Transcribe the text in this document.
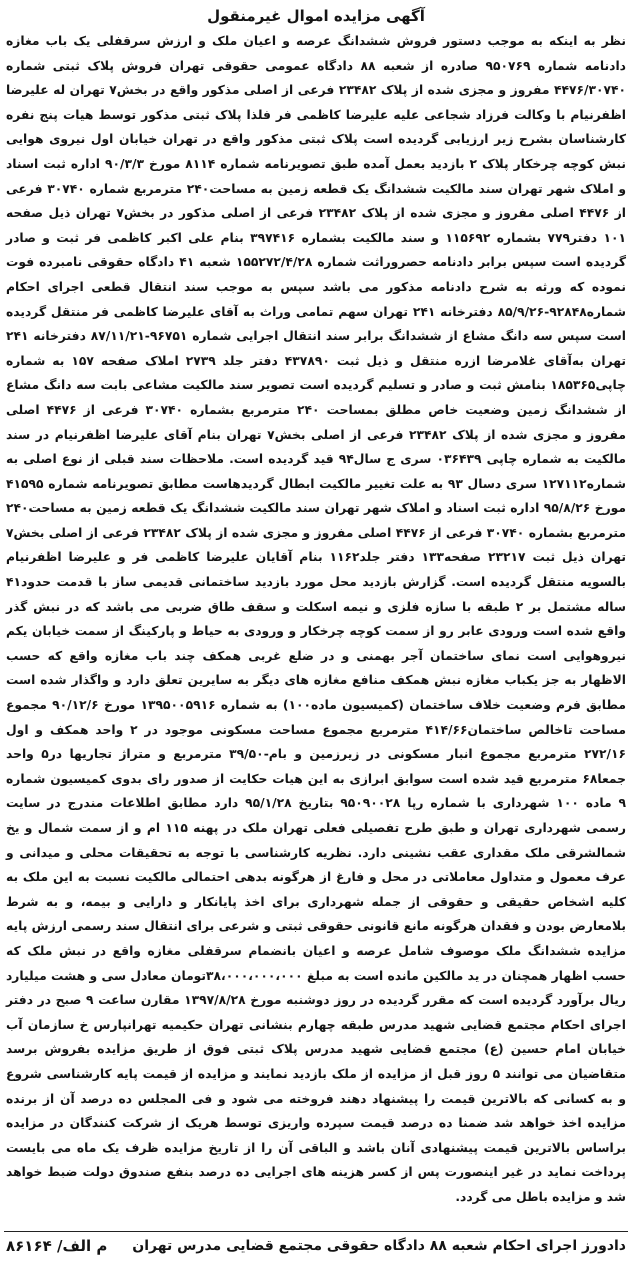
آگهی مزایده اموال غیرمنقول

نظر به اینکه به موجب دستور فروش ششدانگ عرصه و اعیان ملک و ارزش سرقفلی یک باب مغازه دادنامه شماره ۹۵۰۷۶۹ صادره از شعبه ۸۸ دادگاه عمومی حقوقی تهران فروش پلاک ثبتی شماره ۴۴۷۶/۳۰۷۴۰ مفروز و مجزی شده از پلاک ۲۳۴۸۲ فرعی از اصلی مذکور واقع در بخش۷ تهران له علیرضا اظفرنیام با وکالت فرزاد شجاعی علیه علیرضا کاظمی فر فلذا پلاک ثبتی مذکور توسط هیات پنج نفره کارشناسان بشرح زیر ارزیابی گردیده است پلاک ثبتی مذکور واقع در تهران خیابان اول نیروی هوایی نبش کوچه چرخکار پلاک ۲ بازدید بعمل آمده طبق تصویرنامه شماره ۸۱۱۴ مورخ ۹۰/۳/۳ اداره ثبت اسناد و املاک شهر تهران سند مالکیت ششدانگ یک قطعه زمین به مساحت۲۴۰ مترمربع شماره ۳۰۷۴۰ فرعی از ۴۴۷۶ اصلی مفروز و مجزی شده از پلاک ۲۳۴۸۲ فرعی از اصلی مذکور در بخش۷ تهران ذیل صفحه ۱۰۱ دفتر۷۷۹ بشماره ۱۱۵۶۹۲ و سند مالکیت بشماره ۳۹۷۴۱۶ بنام علی اکبر کاظمی فر ثبت و صادر گردیده است سپس برابر دادنامه حصروراثت شماره ۱۵۵۲۷۲/۴/۲۸ شعبه ۴۱ دادگاه حقوقی نامبرده فوت نموده که ورثه به شرح دادنامه مذکور می باشد سپس به موجب سند انتقال قطعی اجرای احکام شماره۹۲۸۴۸-۸۵/۹/۲۶ دفترخانه ۲۴۱ تهران سهم تمامی وراث به آقای علیرضا کاظمی فر منتقل گردیده است سپس سه دانگ مشاع از ششدانگ برابر سند انتقال اجرایی شماره ۹۶۷۵۱-۸۷/۱۱/۲۱ دفترخانه ۲۴۱ تهران به‌آقای غلامرضا ازره منتقل و ذیل ثبت ۴۳۷۸۹۰ دفتر جلد ۲۷۳۹ املاک صفحه ۱۵۷ به شماره چاپی۱۸۵۳۶۵ بنامش ثبت و صادر و تسلیم گردیده است تصویر سند مالکیت مشاعی بابت سه دانگ مشاع از ششدانگ زمین وضعیت خاص مطلق بمساحت ۲۴۰ مترمربع بشماره ۳۰۷۴۰ فرعی از ۴۴۷۶ اصلی مفروز و مجزی شده از پلاک ۲۳۴۸۲ فرعی از اصلی بخش۷ تهران بنام آقای علیرضا اظفرنیام در سند مالکیت به شماره چاپی ۰۳۶۴۳۹ سری ج سال۹۴ قید گردیده است. ملاحظات سند قبلی از نوع اصلی به شماره۱۲۷۱۱۲ سری دسال ۹۳ به علت تغییر مالکیت ابطال گردیدهاست مطابق تصویرنامه شماره ۴۱۵۹۵ مورخ ۹۵/۸/۲۶ اداره ثبت اسناد و املاک شهر تهران سند مالکیت ششدانگ یک قطعه زمین به مساحت۲۴۰ مترمربع بشماره ۳۰۷۴۰ فرعی از ۴۴۷۶ اصلی مفروز و مجزی شده از پلاک ۲۳۴۸۲ فرعی از اصلی بخش۷ تهران ذیل ثبت ۲۳۲۱۷ صفحه۱۳۳ دفتر جلد۱۱۶۲ بنام آقایان علیرضا کاظمی فر و علیرضا اظفرنیام بالسویه منتقل گردیده است. گزارش بازدید محل مورد بازدید ساختمانی قدیمی ساز با قدمت حدود۴۱ ساله مشتمل بر ۲ طبقه با سازه فلزی و نیمه اسکلت و سقف طاق ضربی می باشد که در نبش گذر واقع شده است ورودی عابر رو از سمت کوچه چرخکار و ورودی به حیاط و پارکینگ از سمت خیابان یکم نیروهوایی است نمای ساختمان آجر بهمنی و در ضلع غربی همکف چند باب مغازه واقع که حسب الاظهار به جز یکباب مغازه نبش همکف منافع مغازه های دیگر به سایرین تعلق دارد و واگذار شده است مطابق فرم وضعیت خلاف ساختمان (کمیسیون ماده۱۰۰) به شماره ۱۳۹۵۰۰۵۹۱۶ مورخ ۹۰/۱۲/۶ مجموع مساحت تاخالص ساختمان۴۱۴/۶۶ مترمربع مجموع مساحت مسکونی موجود در ۲ واحد همکف و اول ۲۷۲/۱۶ مترمربع مجموع انبار مسکونی در زیرزمین و بام-۳۹/۵۰ مترمربع و متراژ تجاریها در۵ واحد جمعا۶۸ مترمربع قید شده است سوابق ابرازی به این هیات حکایت از صدور رای بدوی کمیسیون شماره ۹ ماده ۱۰۰ شهرداری با شماره رپا ۹۵۰۹۰۰۲۸ بتاریخ ۹۵/۱/۲۸ دارد مطابق اطلاعات مندرج در سایت رسمی شهرداری تهران و طبق طرح تفصیلی فعلی تهران ملک در پهنه ۱۱۵ ام و از سمت شمال و یخ شمالشرقی ملک مقداری عقب نشینی دارد. نظریه کارشناسی با توجه به تحقیقات محلی و میدانی و عرف معمول و متداول معاملاتی در محل و فارغ از هرگونه بدهی احتمالی مالکیت نسبت به این ملک به کلیه اشخاص حقیقی و حقوقی از جمله شهرداری برای اخذ پایانکار و دارایی و بیمه، و به شرط بلامعارض بودن و فقدان هرگونه مانع قانونی حقوقی ثبتی و شرعی برای انتقال سند رسمی ارزش پایه مزایده ششدانگ ملک موصوف شامل عرصه و اعیان بانضمام سرقفلی مغازه واقع در نبش ملک که حسب اظهار همچنان در ید مالکین مانده است به مبلغ ۳۸،۰۰۰،۰۰۰،۰۰۰تومان معادل سی و هشت میلیارد ریال برآورد گردیده است که مقرر گردیده در روز دوشنبه مورخ ۱۳۹۷/۸/۲۸ مقارن ساعت ۹ صبح در دفتر اجرای احکام مجتمع قضایی شهید مدرس طبقه چهارم بنشانی تهران حکیمیه تهرانپارس خ سازمان آب خیابان امام حسین (ع) مجتمع قضایی شهید مدرس پلاک ثبتی فوق از طریق مزایده بفروش برسد متقاضیان می توانند ۵ روز قبل از مزایده از ملک بازدید نمایند و مزایده از قیمت پایه کارشناسی شروع و به کسانی که بالاترین قیمت را پیشنهاد دهند فروخته می شود و فی المجلس ده درصد آن از برنده مزایده اخذ خواهد شد ضمنا ده درصد قیمت سپرده واریزی توسط هریک از شرکت کنندگان در مزایده براساس بالاترین قیمت پیشنهادی آنان باشد و الباقی آن را از تاریخ مزایده ظرف یک ماه می بایست پرداخت نماید در غیر اینصورت پس از کسر هزینه های اجرایی ده درصد بنفع صندوق دولت ضبط خواهد شد و مزایده باطل می گردد.

دادورز اجرای احکام شعبه ۸۸ دادگاه حقوقی مجتمع قضایی مدرس تهران
۸۶۱۶۴ /م الف
